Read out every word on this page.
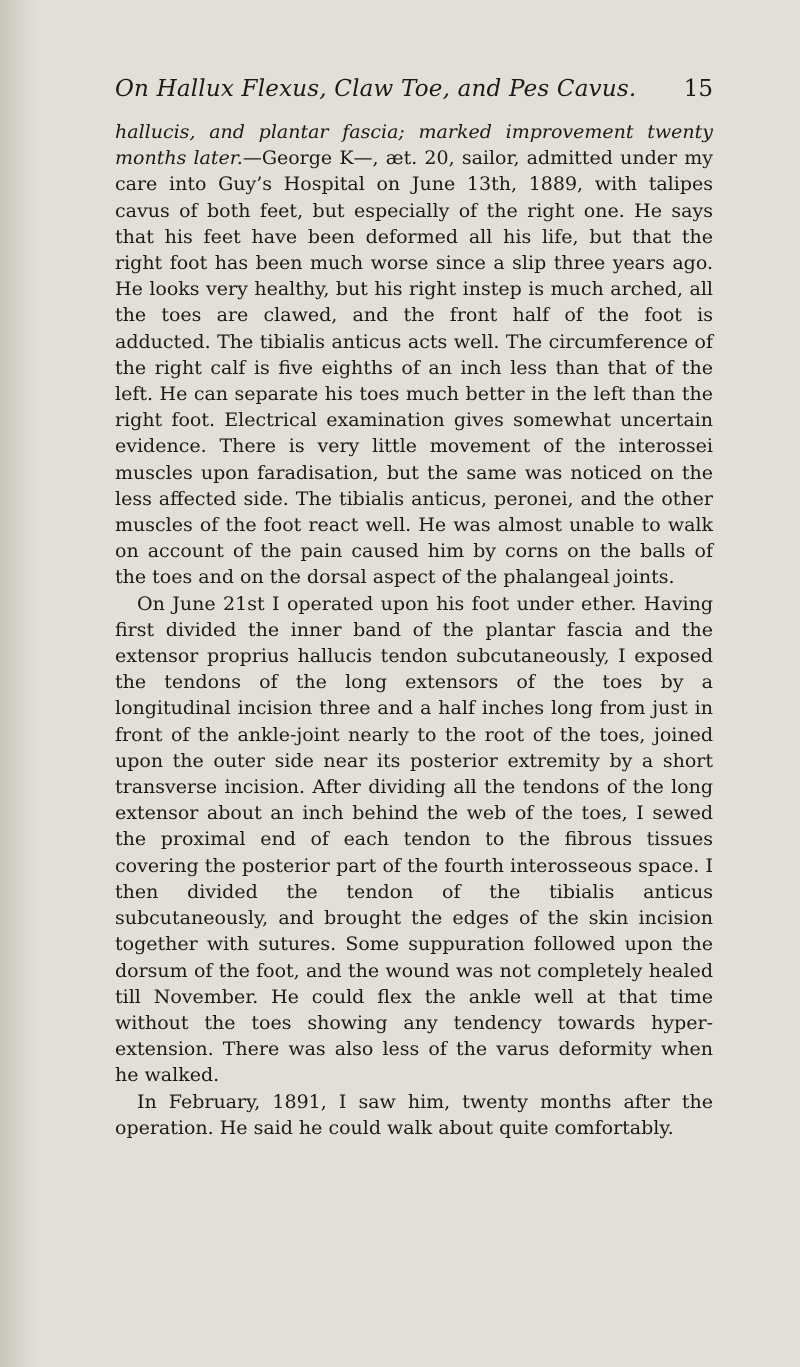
On Hallux Flexus, Claw Toe, and Pes Cavus. 15

hallucis, and plantar fascia; marked improvement twenty months later.—George K—, æt. 20, sailor, admitted under my care into Guy’s Hospital on June 13th, 1889, with talipes cavus of both feet, but especially of the right one. He says that his feet have been deformed all his life, but that the right foot has been much worse since a slip three years ago. He looks very healthy, but his right instep is much arched, all the toes are clawed, and the front half of the foot is adducted. The tibialis anticus acts well. The circumference of the right calf is five eighths of an inch less than that of the left. He can separate his toes much better in the left than the right foot. Electrical examination gives somewhat uncertain evidence. There is very little movement of the interossei muscles upon faradisation, but the same was noticed on the less affected side. The tibialis anticus, peronei, and the other muscles of the foot react well. He was almost unable to walk on account of the pain caused him by corns on the balls of the toes and on the dorsal aspect of the phalangeal joints.

On June 21st I operated upon his foot under ether. Having first divided the inner band of the plantar fascia and the extensor proprius hallucis tendon subcutaneously, I exposed the tendons of the long extensors of the toes by a longitudinal incision three and a half inches long from just in front of the ankle-joint nearly to the root of the toes, joined upon the outer side near its posterior extremity by a short transverse incision. After dividing all the tendons of the long extensor about an inch behind the web of the toes, I sewed the proximal end of each tendon to the fibrous tissues covering the posterior part of the fourth interosseous space. I then divided the tendon of the tibialis anticus subcutaneously, and brought the edges of the skin incision together with sutures. Some suppuration followed upon the dorsum of the foot, and the wound was not completely healed till November. He could flex the ankle well at that time without the toes showing any tendency towards hyper-extension. There was also less of the varus deformity when he walked.

In February, 1891, I saw him, twenty months after the operation. He said he could walk about quite comfortably.
